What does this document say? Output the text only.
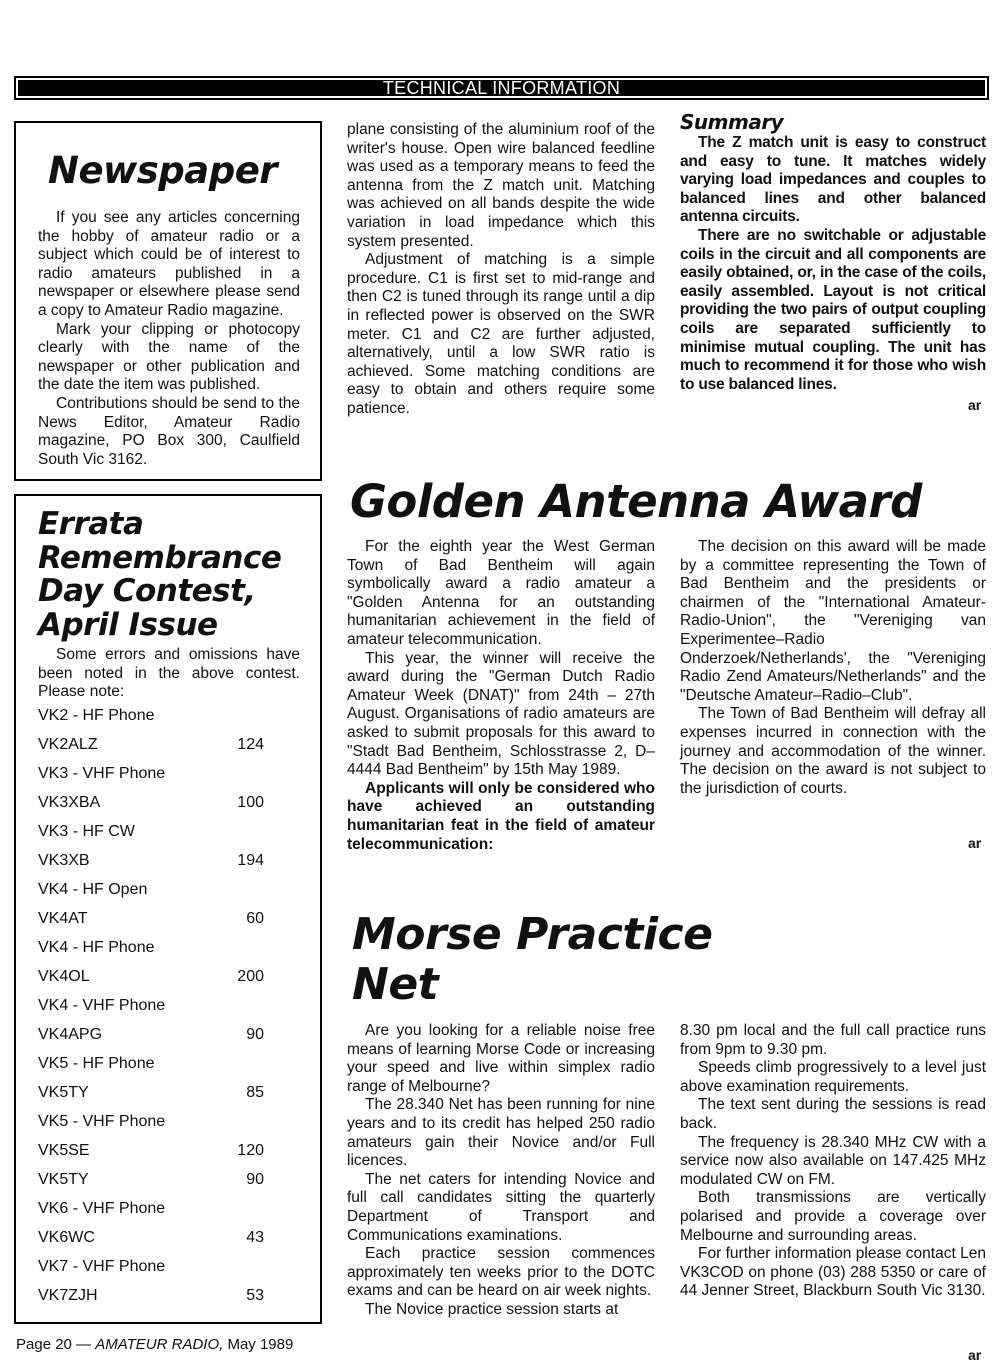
TECHNICAL INFORMATION
Newspaper
If you see any articles concerning the hobby of amateur radio or a subject which could be of interest to radio amateurs published in a newspaper or elsewhere please send a copy to Amateur Radio magazine.
Mark your clipping or photocopy clearly with the name of the newspaper or other publication and the date the item was published.
Contributions should be send to the News Editor, Amateur Radio magazine, PO Box 300, Caulfield South Vic 3162.
Errata
Remembrance
Day Contest,
April Issue

Some errors and omissions have been noted in the above contest. Please note:

VK2 - HF Phone
VK2ALZ	124
VK3 - VHF Phone
VK3XBA	100
VK3 - HF CW
VK3XB	194
VK4 - HF Open
VK4AT	60
VK4 - HF Phone
VK4OL	200
VK4 - VHF Phone
VK4APG	90
VK5 - HF Phone
VK5TY	85
VK5 - VHF Phone
VK5SE	120
VK5TY	90
VK6 - VHF Phone
VK6WC	43
VK7 - VHF Phone
VK7ZJH	53
plane consisting of the aluminium roof of the writer's house. Open wire balanced feedline was used as a temporary means to feed the antenna from the Z match unit. Matching was achieved on all bands despite the wide variation in load impedance which this system presented.
Adjustment of matching is a simple procedure. C1 is first set to mid-range and then C2 is tuned through its range until a dip in reflected power is observed on the SWR meter. C1 and C2 are further adjusted, alternatively, until a low SWR ratio is achieved. Some matching conditions are easy to obtain and others require some patience.
Summary
The Z match unit is easy to construct and easy to tune. It matches widely varying load impedances and couples to balanced lines and other balanced antenna circuits.
There are no switchable or adjustable coils in the circuit and all components are easily obtained, or, in the case of the coils, easily assembled. Layout is not critical providing the two pairs of output coupling coils are separated sufficiently to minimise mutual coupling. The unit has much to recommend it for those who wish to use balanced lines.
ar
Golden Antenna Award
For the eighth year the West German Town of Bad Bentheim will again symbolically award a radio amateur a "Golden Antenna for an outstanding humanitarian achievement in the field of amateur telecommunication.
This year, the winner will receive the award during the "German Dutch Radio Amateur Week (DNAT)" from 24th – 27th August. Organisations of radio amateurs are asked to submit proposals for this award to "Stadt Bad Bentheim, Schlosstrasse 2, D–4444 Bad Bentheim" by 15th May 1989.
Applicants will only be considered who have achieved an outstanding humanitarian feat in the field of amateur telecommunication:
The decision on this award will be made by a committee representing the Town of Bad Bentheim and the presidents or chairmen of the "International Amateur-Radio-Union", the "Vereniging van Experimentee–Radio Onderzoek/Netherlands', the "Vereniging Radio Zend Amateurs/Netherlands" and the "Deutsche Amateur–Radio–Club".
The Town of Bad Bentheim will defray all expenses incurred in connection with the journey and accommodation of the winner. The decision on the award is not subject to the jurisdiction of courts.
ar
Morse Practice
Net
Are you looking for a reliable noise free means of learning Morse Code or increasing your speed and live within simplex radio range of Melbourne?
The 28.340 Net has been running for nine years and to its credit has helped 250 radio amateurs gain their Novice and/or Full licences.
The net caters for intending Novice and full call candidates sitting the quarterly Department of Transport and Communications examinations.
Each practice session commences approximately ten weeks prior to the DOTC exams and can be heard on air week nights.
The Novice practice session starts at
8.30 pm local and the full call practice runs from 9pm to 9.30 pm.
Speeds climb progressively to a level just above examination requirements.
The text sent during the sessions is read back.
The frequency is 28.340 MHz CW with a service now also available on 147.425 MHz modulated CW on FM.
Both transmissions are vertically polarised and provide a coverage over Melbourne and surrounding areas.
For further information please contact Len VK3COD on phone (03) 288 5350 or care of 44 Jenner Street, Blackburn South Vic 3130.
ar
Page 20 — AMATEUR RADIO, May 1989
